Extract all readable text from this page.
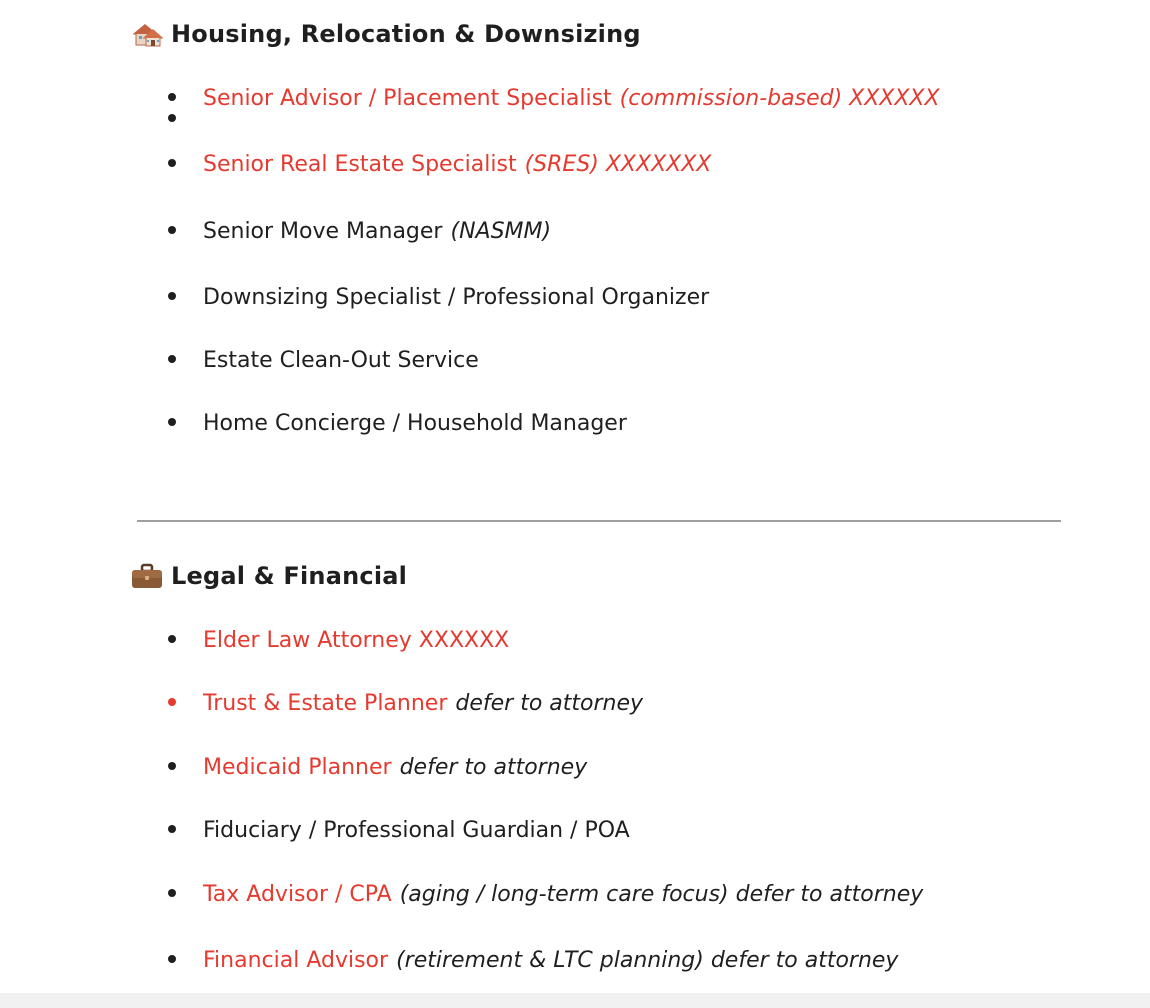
Housing, Relocation & Downsizing
Senior Advisor / Placement Specialist (commission-based) XXXXXX
Senior Real Estate Specialist (SRES) XXXXXXX
Senior Move Manager (NASMM)
Downsizing Specialist / Professional Organizer
Estate Clean-Out Service
Home Concierge / Household Manager
Legal & Financial
Elder Law Attorney XXXXXX
Trust & Estate Planner defer to attorney
Medicaid Planner defer to attorney
Fiduciary / Professional Guardian / POA
Tax Advisor / CPA (aging / long-term care focus) defer to attorney
Financial Advisor (retirement & LTC planning) defer to attorney
